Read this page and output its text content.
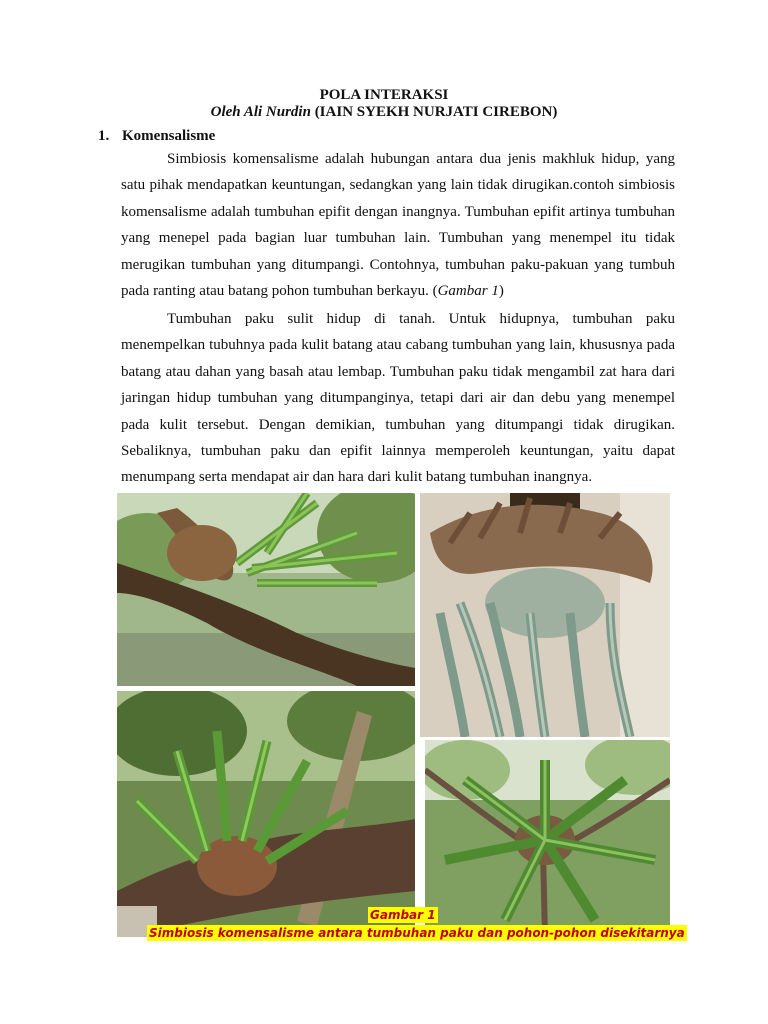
POLA INTERAKSI
Oleh Ali Nurdin (IAIN SYEKH NURJATI CIREBON)
1. Komensalisme

Simbiosis komensalisme adalah hubungan antara dua jenis makhluk hidup, yang satu pihak mendapatkan keuntungan, sedangkan yang lain tidak dirugikan.contoh simbiosis komensalisme adalah tumbuhan epifit dengan inangnya. Tumbuhan epifit artinya tumbuhan yang menepel pada bagian luar tumbuhan lain. Tumbuhan yang menempel itu tidak merugikan tumbuhan yang ditumpangi. Contohnya, tumbuhan paku-pakuan yang tumbuh pada ranting atau batang pohon tumbuhan berkayu. (Gambar 1)

Tumbuhan paku sulit hidup di tanah. Untuk hidupnya, tumbuhan paku menempelkan tubuhnya pada kulit batang atau cabang tumbuhan yang lain, khususnya pada batang atau dahan yang basah atau lembap. Tumbuhan paku tidak mengambil zat hara dari jaringan hidup tumbuhan yang ditumpanginya, tetapi dari air dan debu yang menempel pada kulit tersebut. Dengan demikian, tumbuhan yang ditumpangi tidak dirugikan. Sebaliknya, tumbuhan paku dan epifit lainnya memperoleh keuntungan, yaitu dapat menumpang serta mendapat air dan hara dari kulit batang tumbuhan inangnya.

Gambar 1
Simbiosis komensalisme antara tumbuhan paku dan pohon-pohon disekitarnya
